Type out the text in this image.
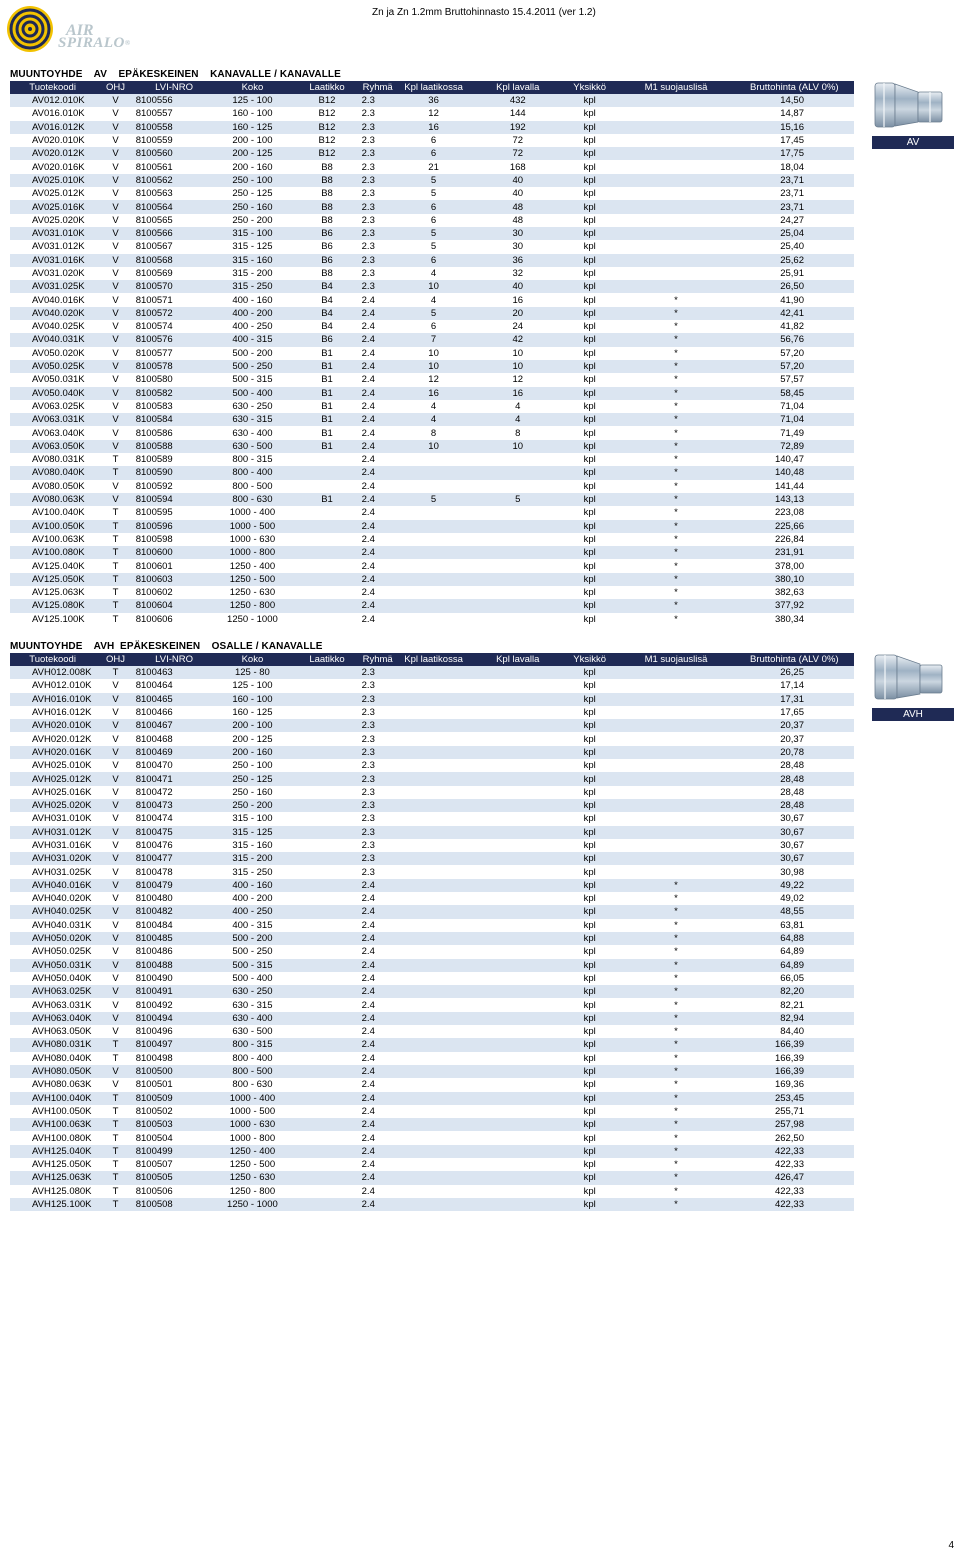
Zn ja Zn 1.2mm Bruttohinnasto 15.4.2011 (ver 1.2)
AIR
SPIRALO®
MUUNTOYHDE    AV    EPÄKESKEINEN    KANAVALLE / KANAVALLE
Tuotekoodi	OHJ	LVI-NRO	Koko	Laatikko	Ryhmä	Kpl laatikossa	Kpl lavalla	Yksikkö	M1 suojauslisä	Bruttohinta (ALV 0%)
AV012.010K	V	8100556	125 - 100	B12	2.3	36	432	kpl		14,50
AV016.010K	V	8100557	160 - 100	B12	2.3	12	144	kpl		14,87
AV016.012K	V	8100558	160 - 125	B12	2.3	16	192	kpl		15,16
AV020.010K	V	8100559	200 - 100	B12	2.3	6	72	kpl		17,45
AV020.012K	V	8100560	200 - 125	B12	2.3	6	72	kpl		17,75
AV020.016K	V	8100561	200 - 160	B8	2.3	21	168	kpl		18,04
AV025.010K	V	8100562	250 - 100	B8	2.3	5	40	kpl		23,71
AV025.012K	V	8100563	250 - 125	B8	2.3	5	40	kpl		23,71
AV025.016K	V	8100564	250 - 160	B8	2.3	6	48	kpl		23,71
AV025.020K	V	8100565	250 - 200	B8	2.3	6	48	kpl		24,27
AV031.010K	V	8100566	315 - 100	B6	2.3	5	30	kpl		25,04
AV031.012K	V	8100567	315 - 125	B6	2.3	5	30	kpl		25,40
AV031.016K	V	8100568	315 - 160	B6	2.3	6	36	kpl		25,62
AV031.020K	V	8100569	315 - 200	B8	2.3	4	32	kpl		25,91
AV031.025K	V	8100570	315 - 250	B4	2.3	10	40	kpl		26,50
AV040.016K	V	8100571	400 - 160	B4	2.4	4	16	kpl	*	41,90
AV040.020K	V	8100572	400 - 200	B4	2.4	5	20	kpl	*	42,41
AV040.025K	V	8100574	400 - 250	B4	2.4	6	24	kpl	*	41,82
AV040.031K	V	8100576	400 - 315	B6	2.4	7	42	kpl	*	56,76
AV050.020K	V	8100577	500 - 200	B1	2.4	10	10	kpl	*	57,20
AV050.025K	V	8100578	500 - 250	B1	2.4	10	10	kpl	*	57,20
AV050.031K	V	8100580	500 - 315	B1	2.4	12	12	kpl	*	57,57
AV050.040K	V	8100582	500 - 400	B1	2.4	16	16	kpl	*	58,45
AV063.025K	V	8100583	630 - 250	B1	2.4	4	4	kpl	*	71,04
AV063.031K	V	8100584	630 - 315	B1	2.4	4	4	kpl	*	71,04
AV063.040K	V	8100586	630 - 400	B1	2.4	8	8	kpl	*	71,49
AV063.050K	V	8100588	630 - 500	B1	2.4	10	10	kpl	*	72,89
AV080.031K	T	8100589	800 - 315		2.4			kpl	*	140,47
AV080.040K	T	8100590	800 - 400		2.4			kpl	*	140,48
AV080.050K	V	8100592	800 - 500		2.4			kpl	*	141,44
AV080.063K	V	8100594	800 - 630	B1	2.4	5	5	kpl	*	143,13
AV100.040K	T	8100595	1000 - 400		2.4			kpl	*	223,08
AV100.050K	T	8100596	1000 - 500		2.4			kpl	*	225,66
AV100.063K	T	8100598	1000 - 630		2.4			kpl	*	226,84
AV100.080K	T	8100600	1000 - 800		2.4			kpl	*	231,91
AV125.040K	T	8100601	1250 - 400		2.4			kpl	*	378,00
AV125.050K	T	8100603	1250 - 500		2.4			kpl	*	380,10
AV125.063K	T	8100602	1250 - 630		2.4			kpl	*	382,63
AV125.080K	T	8100604	1250 - 800		2.4			kpl	*	377,92
AV125.100K	T	8100606	1250 - 1000		2.4			kpl	*	380,34
AV
MUUNTOYHDE    AVH  EPÄKESKEINEN    OSALLE / KANAVALLE
Tuotekoodi	OHJ	LVI-NRO	Koko	Laatikko	Ryhmä	Kpl laatikossa	Kpl lavalla	Yksikkö	M1 suojauslisä	Bruttohinta (ALV 0%)
AVH012.008K	T	8100463	125 - 80		2.3			kpl		26,25
AVH012.010K	V	8100464	125 - 100		2.3			kpl		17,14
AVH016.010K	V	8100465	160 - 100		2.3			kpl		17,31
AVH016.012K	V	8100466	160 - 125		2.3			kpl		17,65
AVH020.010K	V	8100467	200 - 100		2.3			kpl		20,37
AVH020.012K	V	8100468	200 - 125		2.3			kpl		20,37
AVH020.016K	V	8100469	200 - 160		2.3			kpl		20,78
AVH025.010K	V	8100470	250 - 100		2.3			kpl		28,48
AVH025.012K	V	8100471	250 - 125		2.3			kpl		28,48
AVH025.016K	V	8100472	250 - 160		2.3			kpl		28,48
AVH025.020K	V	8100473	250 - 200		2.3			kpl		28,48
AVH031.010K	V	8100474	315 - 100		2.3			kpl		30,67
AVH031.012K	V	8100475	315 - 125		2.3			kpl		30,67
AVH031.016K	V	8100476	315 - 160		2.3			kpl		30,67
AVH031.020K	V	8100477	315 - 200		2.3			kpl		30,67
AVH031.025K	V	8100478	315 - 250		2.3			kpl		30,98
AVH040.016K	V	8100479	400 - 160		2.4			kpl	*	49,22
AVH040.020K	V	8100480	400 - 200		2.4			kpl	*	49,02
AVH040.025K	V	8100482	400 - 250		2.4			kpl	*	48,55
AVH040.031K	V	8100484	400 - 315		2.4			kpl	*	63,81
AVH050.020K	V	8100485	500 - 200		2.4			kpl	*	64,88
AVH050.025K	V	8100486	500 - 250		2.4			kpl	*	64,89
AVH050.031K	V	8100488	500 - 315		2.4			kpl	*	64,89
AVH050.040K	V	8100490	500 - 400		2.4			kpl	*	66,05
AVH063.025K	V	8100491	630 - 250		2.4			kpl	*	82,20
AVH063.031K	V	8100492	630 - 315		2.4			kpl	*	82,21
AVH063.040K	V	8100494	630 - 400		2.4			kpl	*	82,94
AVH063.050K	V	8100496	630 - 500		2.4			kpl	*	84,40
AVH080.031K	T	8100497	800 - 315		2.4			kpl	*	166,39
AVH080.040K	T	8100498	800 - 400		2.4			kpl	*	166,39
AVH080.050K	V	8100500	800 - 500		2.4			kpl	*	166,39
AVH080.063K	V	8100501	800 - 630		2.4			kpl	*	169,36
AVH100.040K	T	8100509	1000 - 400		2.4			kpl	*	253,45
AVH100.050K	T	8100502	1000 - 500		2.4			kpl	*	255,71
AVH100.063K	T	8100503	1000 - 630		2.4			kpl	*	257,98
AVH100.080K	T	8100504	1000 - 800		2.4			kpl	*	262,50
AVH125.040K	T	8100499	1250 - 400		2.4			kpl	*	422,33
AVH125.050K	T	8100507	1250 - 500		2.4			kpl	*	422,33
AVH125.063K	T	8100505	1250 - 630		2.4			kpl	*	426,47
AVH125.080K	T	8100506	1250 - 800		2.4			kpl	*	422,33
AVH125.100K	T	8100508	1250 - 1000		2.4			kpl	*	422,33
AVH
4
